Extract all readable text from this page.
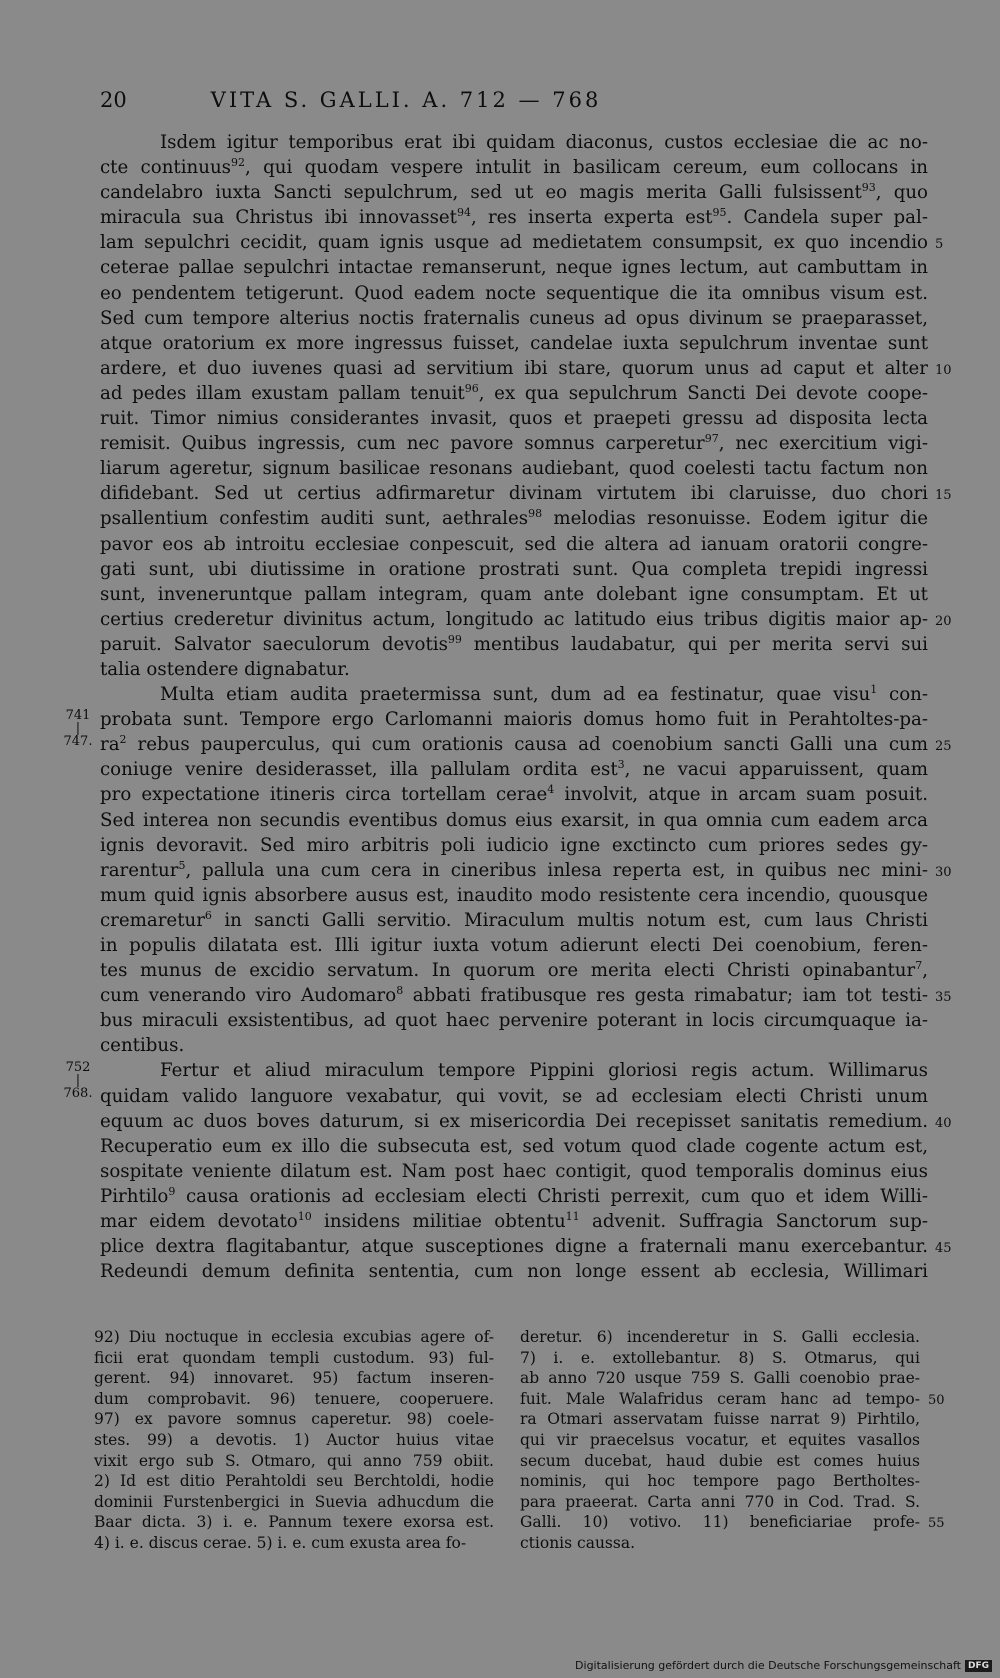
20	VITA S. GALLI. A. 712 — 768
Isdem igitur temporibus erat ibi quidam diaconus, custos ecclesiae die ac no-
cte continuus$^{92}$, qui quodam vespere intulit in basilicam cereum, eum collocans in
candelabro iuxta Sancti sepulchrum, sed ut eo magis merita Galli fulsissent$^{93}$, quo
miracula sua Christus ibi innovasset$^{94}$, res inserta experta est$^{95}$. Candela super pal-
lam sepulchri cecidit, quam ignis usque ad medietatem consumpsit, ex quo incendio
ceterae pallae sepulchri intactae remanserunt, neque ignes lectum, aut cambuttam in
eo pendentem tetigerunt. Quod eadem nocte sequentique die ita omnibus visum est.
Sed cum tempore alterius noctis fraternalis cuneus ad opus divinum se praeparasset,
atque oratorium ex more ingressus fuisset, candelae iuxta sepulchrum inventae sunt
ardere, et duo iuvenes quasi ad servitium ibi stare, quorum unus ad caput et alter
ad pedes illam exustam pallam tenuit$^{96}$, ex qua sepulchrum Sancti Dei devote coope-
ruit. Timor nimius considerantes invasit, quos et praepeti gressu ad disposita lecta
remisit. Quibus ingressis, cum nec pavore somnus carperetur$^{97}$, nec exercitium vigi-
liarum ageretur, signum basilicae resonans audiebant, quod coelesti tactu factum non
difidebant. Sed ut certius adfirmaretur divinam virtutem ibi claruisse, duo chori
psallentium confestim auditi sunt, aethrales$^{98}$ melodias resonuisse. Eodem igitur die
pavor eos ab introitu ecclesiae conpescuit, sed die altera ad ianuam oratorii congre-
gati sunt, ubi diutissime in oratione prostrati sunt. Qua completa trepidi ingressi
sunt, inveneruntque pallam integram, quam ante dolebant igne consumptam. Et ut
certius crederetur divinitus actum, longitudo ac latitudo eius tribus digitis maior ap-
paruit. Salvator saeculorum devotis$^{99}$ mentibus laudabatur, qui per merita servi sui
talia ostendere dignabatur.
Multa etiam audita praetermissa sunt, dum ad ea festinatur, quae visu$^1$ con-
probata sunt. Tempore ergo Carlomanni maioris domus homo fuit in Perahtoltes-pa-
$ra^2$ rebus pauperculus, qui cum orationis causa ad coenobium sancti Galli una cum
coniuge venire desiderasset, illa pallulam ordita est$^3$, ne vacui apparuissent, quam
pro expectatione itineris circa tortellam cerae$^4$ involvit, atque in arcam suam posuit.
Sed interea non secundis eventibus domus eius exarsit, in qua omnia cum eadem arca
ignis devoravit. Sed miro arbitris poli iudicio igne exctincto cum priores sedes gy-
rarentur$^5$, pallula una cum cera in cineribus inlesa reperta est, in quibus nec mini-
mum quid ignis absorbere ausus est, inaudito modo resistente cera incendio, quousque
cremaretur$^6$ in sancti Galli servitio. Miraculum multis notum est, cum laus Christi
in populis dilatata est. Illi igitur iuxta votum adierunt electi Dei coenobium, feren-
tes munus de excidio servatum. In quorum ore merita electi Christi opinabantur$^7$,
cum venerando viro Audomaro$^8$ abbati fratibusque res gesta rimabatur; iam tot testi-
bus miraculi exsistentibus, ad quot haec pervenire poterant in locis circumquaque ia-
centibus.
Fertur et aliud miraculum tempore Pippini gloriosi regis actum. Willimarus
quidam valido languore vexabatur, qui vovit, se ad ecclesiam electi Christi unum
equum ac duos boves daturum, si ex misericordia Dei recepisset sanitatis remedium.
Recuperatio eum ex illo die subsecuta est, sed votum quod clade cogente actum est,
sospitate veniente dilatum est. Nam post haec contigit, quod temporalis dominus eius
Pirhtilo$^9$ causa orationis ad ecclesiam electi Christi perrexit, cum quo et idem Willi-
mar eidem devotato$^{10}$ insidens militiae obtentu$^{11}$ advenit. Suffragia Sanctorum sup-
plice dextra flagitabantur, atque susceptiones digne a fraternali manu exercebantur.
Redeundi demum definita sententia, cum non longe essent ab ecclesia, Willimari
5
10
15
20
25
30
35
40
45
741
|
747.
752
|
768.
50
55
92) Diu noctuque in ecclesia excubias agere of-
ficii erat quondam templi custodum. 93) ful-
gerent. 94) innovaret. 95) factum inseren-
dum comprobavit. 96) tenuere, cooperuere.
97) ex pavore somnus caperetur. 98) coele-
stes. 99) a devotis. 1) Auctor huius vitae
vixit ergo sub S. Otmaro, qui anno 759 obiit.
2) Id est ditio Perahtoldi seu Berchtoldi, hodie
dominii Furstenbergici in Suevia adhucdum die
Baar dicta. 3) i. e. Pannum texere exorsa est.
4) i. e. discus cerae. 5) i. e. cum exusta area fo-
deretur. 6) incenderetur in S. Galli ecclesia.
7) i. e. extollebantur. 8) S. Otmarus, qui
ab anno 720 usque 759 S. Galli coenobio prae-
fuit. Male Walafridus ceram hanc ad tempo-
ra Otmari asservatam fuisse narrat 9) Pirhtilo,
qui vir praecelsus vocatur, et equites vasallos
secum ducebat, haud dubie est comes huius
nominis, qui hoc tempore pago Bertholtes-
para praeerat. Carta anni 770 in Cod. Trad. S.
Galli. 10) votivo. 11) beneficiariae profe-
ctionis caussa.
Digitalisierung gefördert durch die Deutsche Forschungsgemeinschaft DFG
